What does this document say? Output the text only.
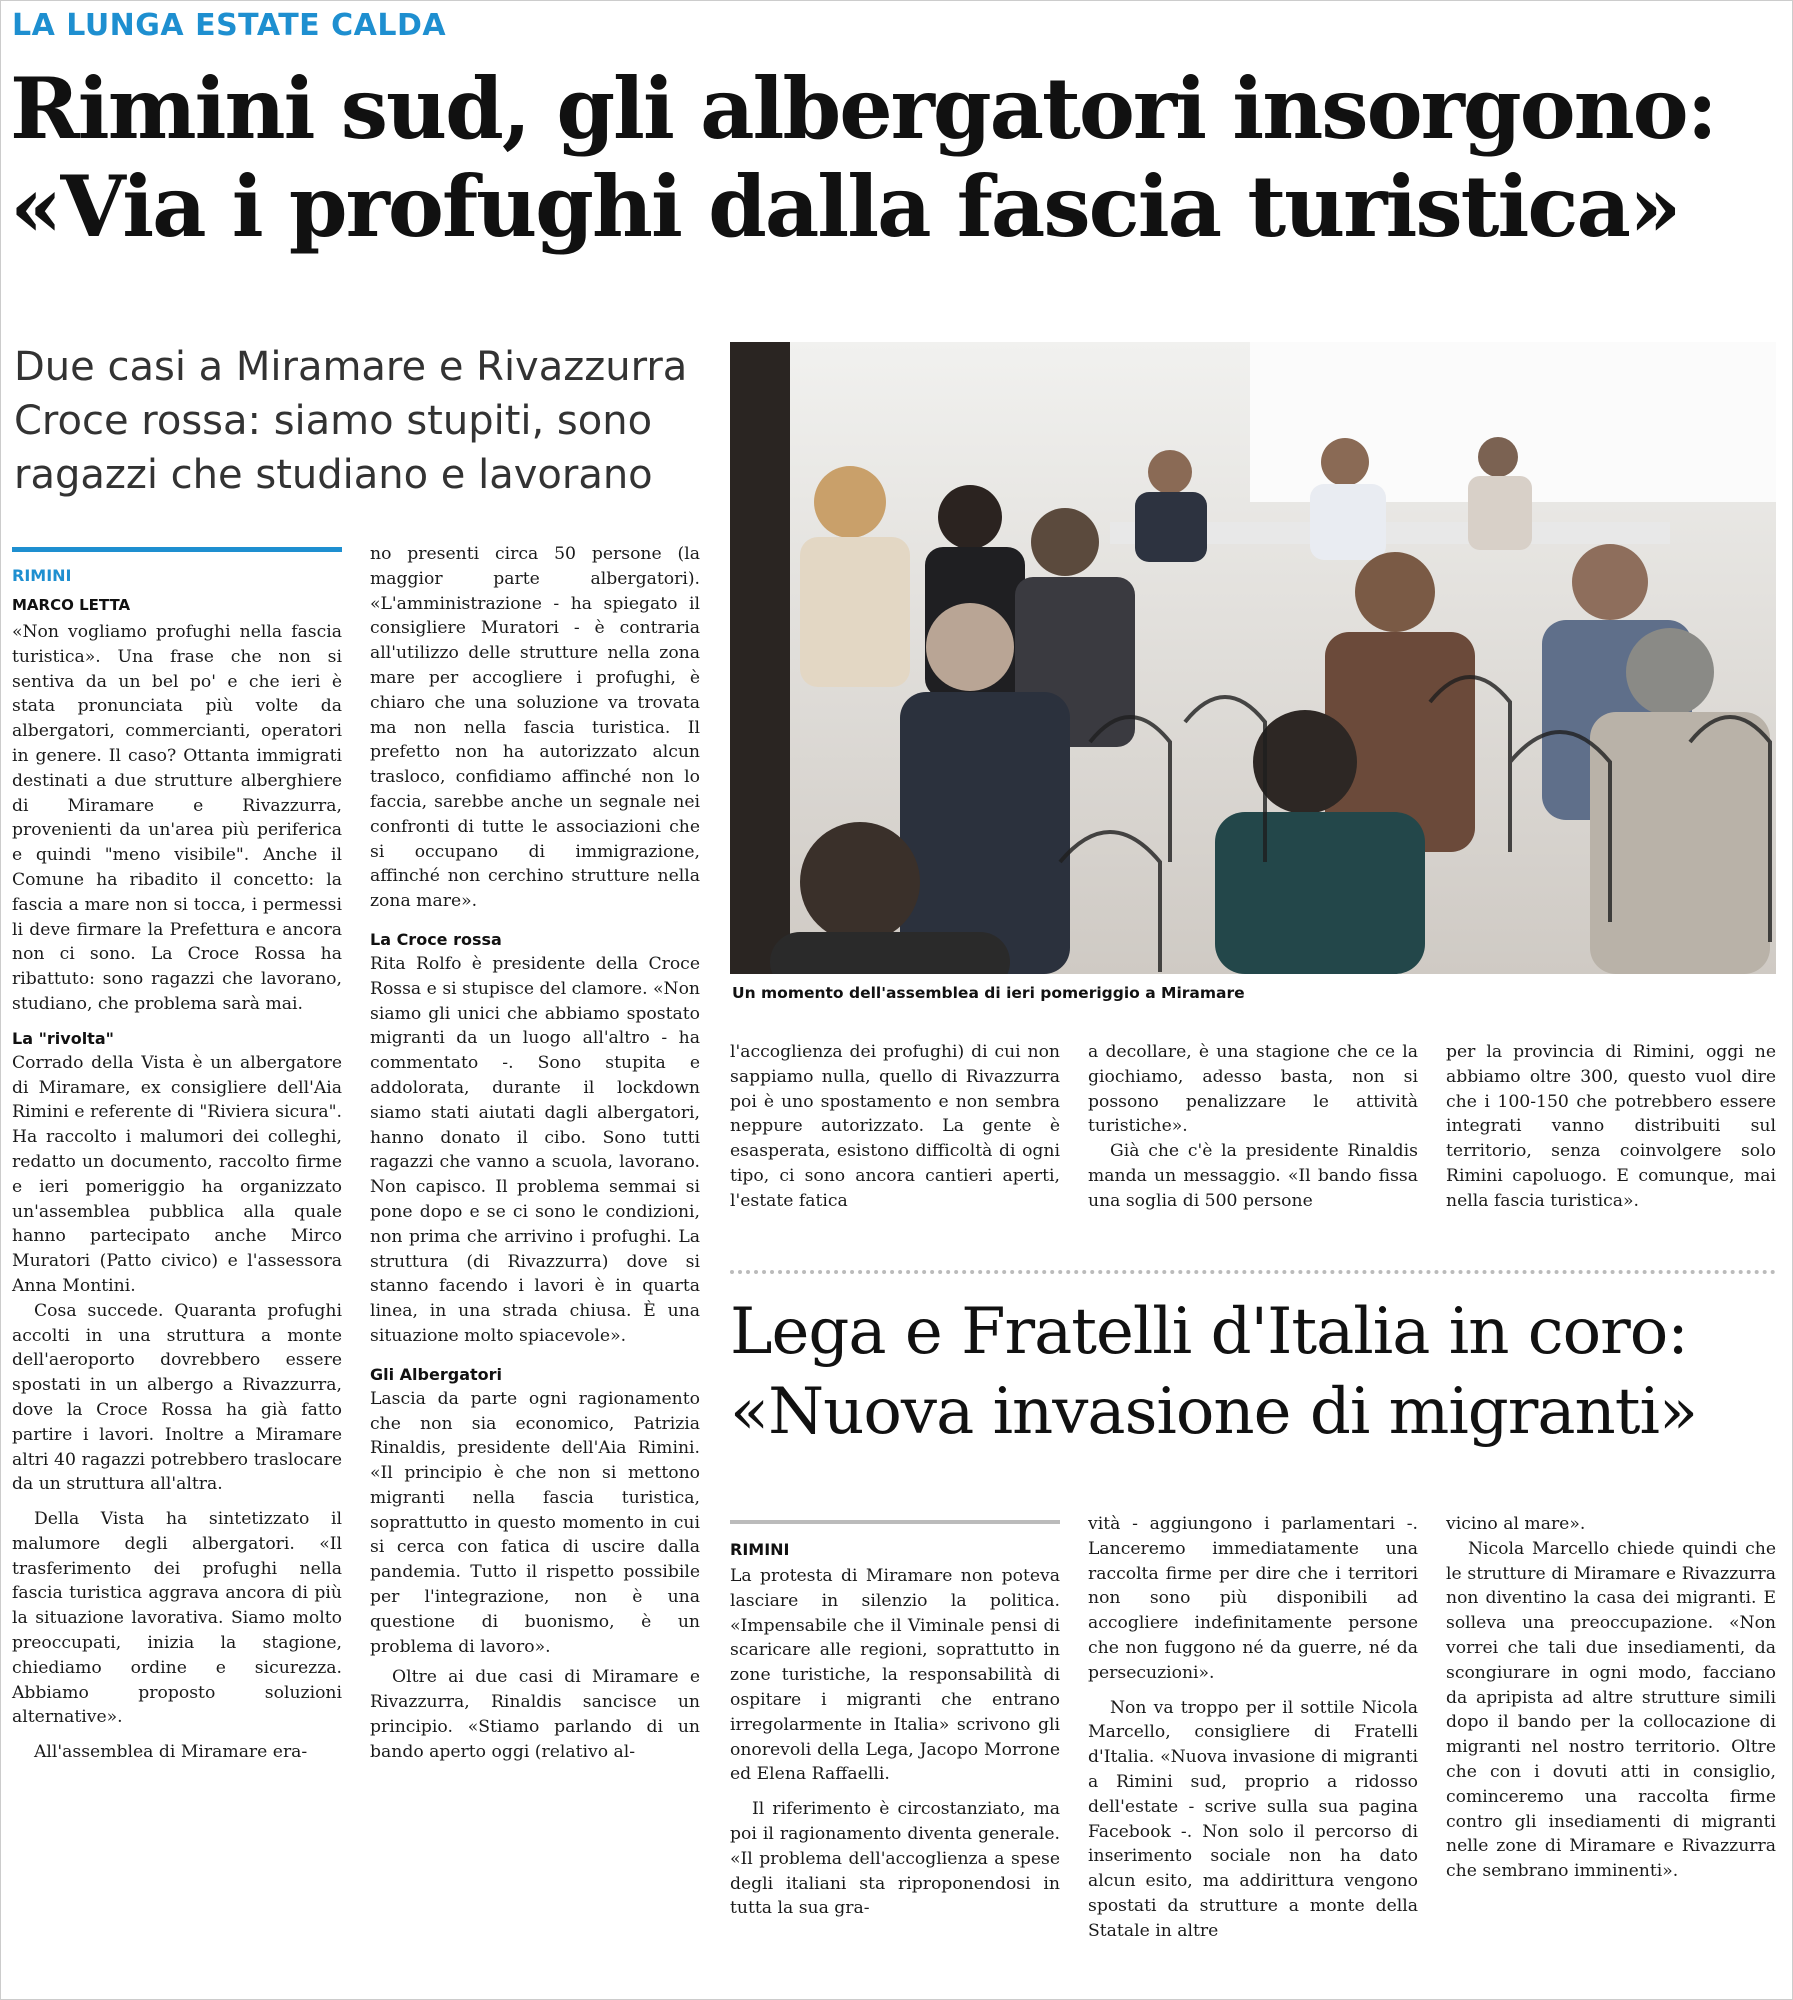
LA LUNGA ESTATE CALDA
Rimini sud, gli albergatori insorgono:
«Via i profughi dalla fascia turistica»
Due casi a Miramare e Rivazzurra
Croce rossa: siamo stupiti, sono
ragazzi che studiano e lavorano
RIMINI
MARCO LETTA

«Non vogliamo profughi nella fascia turistica». Una frase che non si sentiva da un bel po' e che ieri è stata pronunciata più volte da albergatori, commercianti, operatori in genere. Il caso? Ottanta immigrati destinati a due strutture alberghiere di Miramare e Rivazzurra, provenienti da un'area più periferica e quindi "meno visibile". Anche il Comune ha ribadito il concetto: la fascia a mare non si tocca, i permessi li deve firmare la Prefettura e ancora non ci sono. La Croce Rossa ha ribattuto: sono ragazzi che lavorano, studiano, che problema sarà mai.

La "rivolta"

Corrado della Vista è un albergatore di Miramare, ex consigliere dell'Aia Rimini e referente di "Riviera sicura". Ha raccolto i malumori dei colleghi, redatto un documento, raccolto firme e ieri pomeriggio ha organizzato un'assemblea pubblica alla quale hanno partecipato anche Mirco Muratori (Patto civico) e l'assessora Anna Montini.

Cosa succede. Quaranta profughi accolti in una struttura a monte dell'aeroporto dovrebbero essere spostati in un albergo a Rivazzurra, dove la Croce Rossa ha già fatto partire i lavori. Inoltre a Miramare altri 40 ragazzi potrebbero traslocare da un struttura all'altra.

Della Vista ha sintetizzato il malumore degli albergatori. «Il trasferimento dei profughi nella fascia turistica aggrava ancora di più la situazione lavorativa. Siamo molto preoccupati, inizia la stagione, chiediamo ordine e sicurezza. Abbiamo proposto soluzioni alternative».

All'assemblea di Miramare era-

no presenti circa 50 persone (la maggior parte albergatori). «L'amministrazione - ha spiegato il consigliere Muratori - è contraria all'utilizzo delle strutture nella zona mare per accogliere i profughi, è chiaro che una soluzione va trovata ma non nella fascia turistica. Il prefetto non ha autorizzato alcun trasloco, confidiamo affinché non lo faccia, sarebbe anche un segnale nei confronti di tutte le associazioni che si occupano di immigrazione, affinché non cerchino strutture nella zona mare».

La Croce rossa

Rita Rolfo è presidente della Croce Rossa e si stupisce del clamore. «Non siamo gli unici che abbiamo spostato migranti da un luogo all'altro - ha commentato -. Sono stupita e addolorata, durante il lockdown siamo stati aiutati dagli albergatori, hanno donato il cibo. Sono tutti ragazzi che vanno a scuola, lavorano. Non capisco. Il problema semmai si pone dopo e se ci sono le condizioni, non prima che arrivino i profughi. La struttura (di Rivazzurra) dove si stanno facendo i lavori è in quarta linea, in una strada chiusa. È una situazione molto spiacevole».

Gli Albergatori

Lascia da parte ogni ragionamento che non sia economico, Patrizia Rinaldis, presidente dell'Aia Rimini. «Il principio è che non si mettono migranti nella fascia turistica, soprattutto in questo momento in cui si cerca con fatica di uscire dalla pandemia. Tutto il rispetto possibile per l'integrazione, non è una questione di buonismo, è un problema di lavoro».

Oltre ai due casi di Miramare e Rivazzurra, Rinaldis sancisce un principio. «Stiamo parlando di un bando aperto oggi (relativo al-

Un momento dell'assemblea di ieri pomeriggio a Miramare

l'accoglienza dei profughi) di cui non sappiamo nulla, quello di Rivazzurra poi è uno spostamento e non sembra neppure autorizzato. La gente è esasperata, esistono difficoltà di ogni tipo, ci sono ancora cantieri aperti, l'estate fatica

a decollare, è una stagione che ce la giochiamo, adesso basta, non si possono penalizzare le attività turistiche».

Già che c'è la presidente Rinaldis manda un messaggio. «Il bando fissa una soglia di 500 persone

per la provincia di Rimini, oggi ne abbiamo oltre 300, questo vuol dire che i 100-150 che potrebbero essere integrati vanno distribuiti sul territorio, senza coinvolgere solo Rimini capoluogo. E comunque, mai nella fascia turistica».

Lega e Fratelli d'Italia in coro:
«Nuova invasione di migranti»
RIMINI

La protesta di Miramare non poteva lasciare in silenzio la politica. «Impensabile che il Viminale pensi di scaricare alle regioni, soprattutto in zone turistiche, la responsabilità di ospitare i migranti che entrano irregolarmente in Italia» scrivono gli onorevoli della Lega, Jacopo Morrone ed Elena Raffaelli.

Il riferimento è circostanziato, ma poi il ragionamento diventa generale. «Il problema dell'accoglienza a spese degli italiani sta riproponendosi in tutta la sua gra-

vità - aggiungono i parlamentari -. Lanceremo immediatamente una raccolta firme per dire che i territori non sono più disponibili ad accogliere indefinitamente persone che non fuggono né da guerre, né da persecuzioni».

Non va troppo per il sottile Nicola Marcello, consigliere di Fratelli d'Italia. «Nuova invasione di migranti a Rimini sud, proprio a ridosso dell'estate - scrive sulla sua pagina Facebook -. Non solo il percorso di inserimento sociale non ha dato alcun esito, ma addirittura vengono spostati da strutture a monte della Statale in altre

vicino al mare».

Nicola Marcello chiede quindi che le strutture di Miramare e Rivazzurra non diventino la casa dei migranti. E solleva una preoccupazione. «Non vorrei che tali due insediamenti, da scongiurare in ogni modo, facciano da apripista ad altre strutture simili dopo il bando per la collocazione di migranti nel nostro territorio. Oltre che con i dovuti atti in consiglio, cominceremo una raccolta firme contro gli insediamenti di migranti nelle zone di Miramare e Rivazzurra che sembrano imminenti».
